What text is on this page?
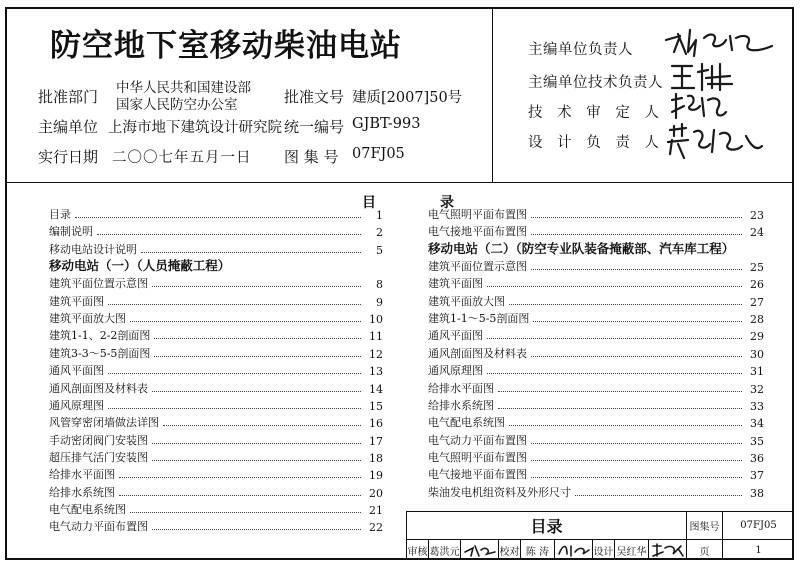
防空地下室移动柴油电站
批准部门 中华人民共和国建设部
国家人民防空办公室	批准文号 建质[2007]50号
主编单位 上海市地下建筑设计研究院 统一编号 GJBT-993
实行日期 二〇〇七年五月一日 图 集 号 07FJ05
主编单位负责人
主编单位技术负责人
技 术 审 定 人
设 计 负 责 人
目	录
目录	1
编制说明	2
移动电站设计说明	5
移动电站（一）（人员掩蔽工程）
建筑平面位置示意图	8
建筑平面图	9
建筑平面放大图	10
建筑1-1、2-2剖面图	11
建筑3-3～5-5剖面图	12
通风平面图	13
通风剖面图及材料表	14
通风原理图	15
风管穿密闭墙做法详图	16
手动密闭阀门安装图	17
超压排气活门安装图	18
给排水平面图	19
给排水系统图	20
电气配电系统图	21
电气动力平面布置图	22
电气照明平面布置图	23
电气接地平面布置图	24
移动电站（二）（防空专业队装备掩蔽部、汽车库工程）
建筑平面位置示意图	25
建筑平面图	26
建筑平面放大图	27
建筑1-1～5-5剖面图	28
通风平面图	29
通风剖面图及材料表	30
通风原理图	31
给排水平面图	32
给排水系统图	33
电气配电系统图	34
电气动力平面布置图	35
电气照明平面布置图	36
电气接地平面布置图	37
柴油发电机组资料及外形尺寸	38
目录	图集号	07FJ05
审核 葛洪元	校对 陈 涛	设计 吴红华	页	1
